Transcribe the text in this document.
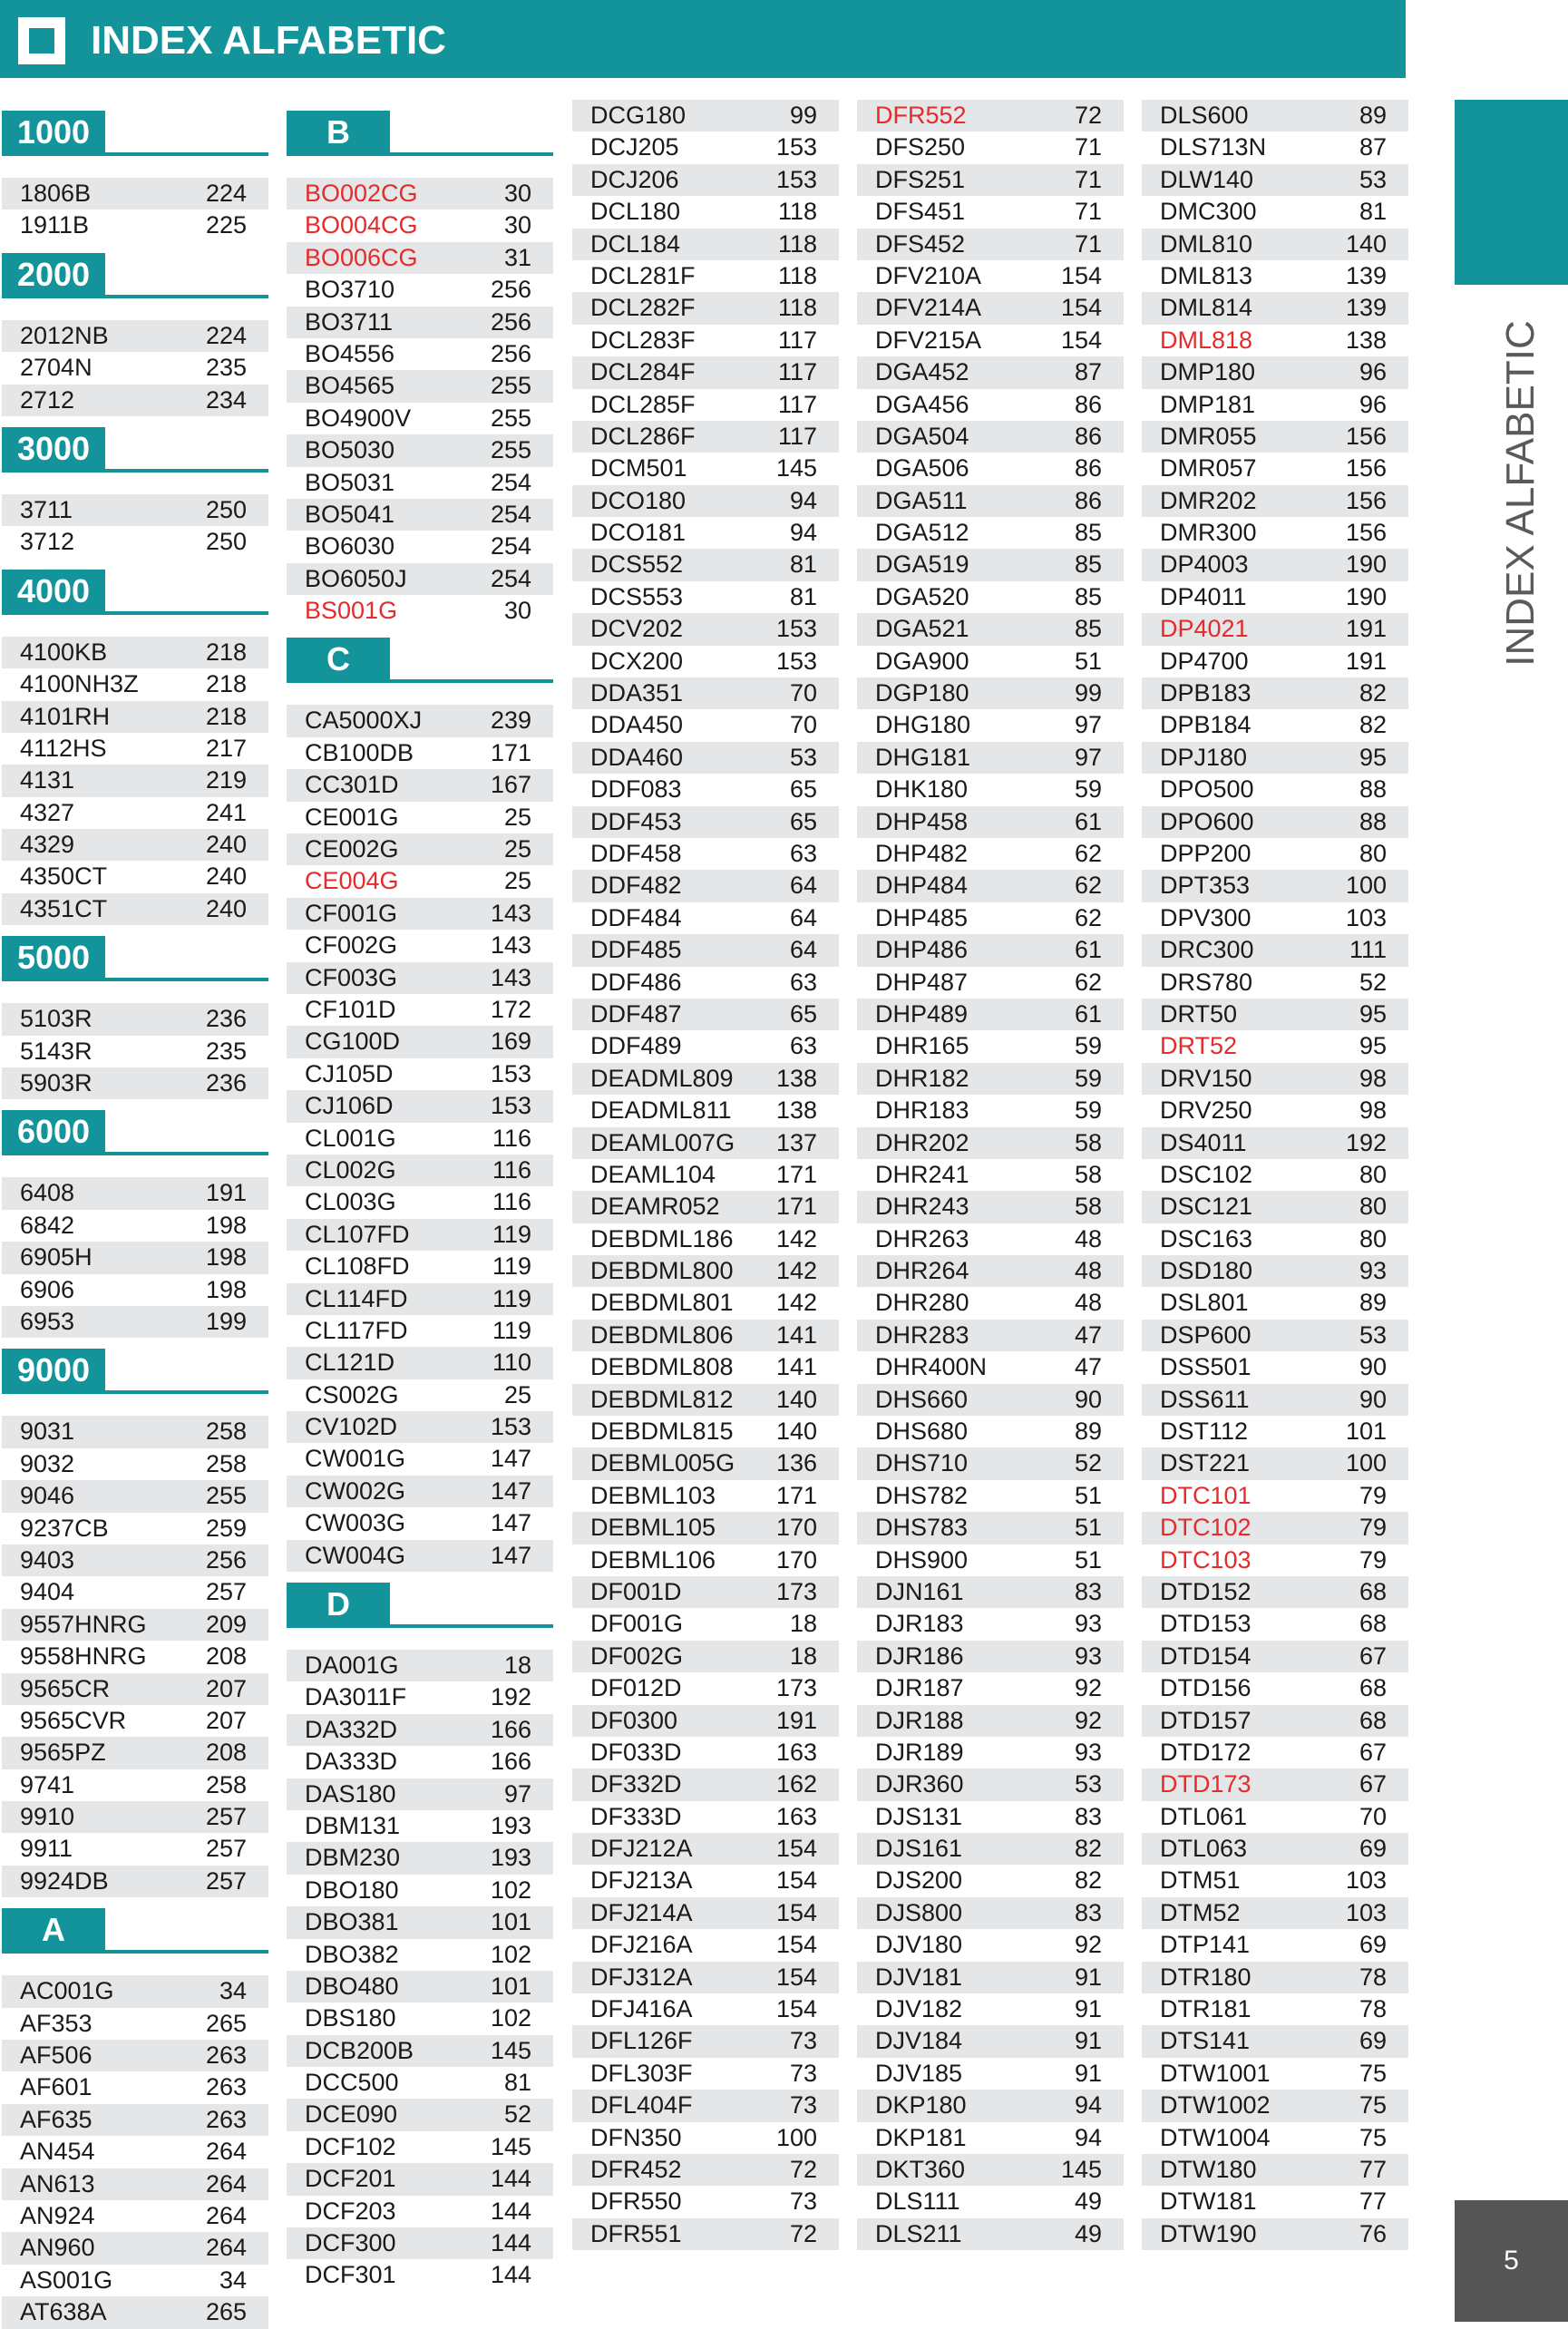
INDEX ALFABETIC
1000
1806B	224
1911B	225
2000
2012NB	224
2704N	235
2712	234
3000
3711	250
3712	250
4000
4100KB	218
4100NH3Z	218
4101RH	218
4112HS	217
4131	219
4327	241
4329	240
4350CT	240
4351CT	240
5000
5103R	236
5143R	235
5903R	236
6000
6408	191
6842	198
6905H	198
6906	198
6953	199
9000
9031	258
9032	258
9046	255
9237CB	259
9403	256
9404	257
9557HNRG 209
9558HNRG 208
9565CR	207
9565CVR	207
9565PZ	208
9741	258
9910	257
9911	257
9924DB	257
A
AC001G	34
AF353	265
AF506	263
AF601	263
AF635	263
AN454	264
AN613	264
AN924	264
AN960	264
AS001G	34
AT638A	265
B
BO002CG	30
BO004CG	30
BO006CG	31
BO3710	256
BO3711	256
BO4556	256
BO4565	255
BO4900V	255
BO5030	255
BO5031	254
BO5041	254
BO6030	254
BO6050J	254
BS001G	30
C
CA5000XJ	239
CB100DB	171
CC301D	167
CE001G	25
CE002G	25
CE004G	25
CF001G	143
CF002G	143
CF003G	143
CF101D	172
CG100D	169
CJ105D	153
CJ106D	153
CL001G	116
CL002G	116
CL003G	116
CL107FD	119
CL108FD	119
CL114FD	119
CL117FD	119
CL121D	110
CS002G	25
CV102D	153
CW001G	147
CW002G	147
CW003G	147
CW004G	147
D
DA001G	18
DA3011F	192
DA332D	166
DA333D	166
DAS180	97
DBM131	193
DBM230	193
DBO180	102
DBO381	101
DBO382	102
DBO480	101
DBS180	102
DCB200B	145
DCC500	81
DCE090	52
DCF102	145
DCF201	144
DCF203	144
DCF300	144
DCF301	144
DCG180	99
DCJ205	153
DCJ206	153
DCL180	118
DCL184	118
DCL281F	118
DCL282F	118
DCL283F	117
DCL284F	117
DCL285F	117
DCL286F	117
DCM501	145
DCO180	94
DCO181	94
DCS552	81
DCS553	81
DCV202	153
DCX200	153
DDA351	70
DDA450	70
DDA460	53
DDF083	65
DDF453	65
DDF458	63
DDF482	64
DDF484	64
DDF485	64
DDF486	63
DDF487	65
DDF489	63
DEADML809 138
DEADML811 138
DEAML007G 137
DEAML104 171
DEAMR052 171
DEBDML186 142
DEBDML800 142
DEBDML801 142
DEBDML806 141
DEBDML808 141
DEBDML812 140
DEBDML815 140
DEBML005G 136
DEBML103 171
DEBML105 170
DEBML106 170
DF001D	173
DF001G	18
DF002G	18
DF012D	173
DF0300	191
DF033D	163
DF332D	162
DF333D	163
DFJ212A	154
DFJ213A	154
DFJ214A	154
DFJ216A	154
DFJ312A	154
DFJ416A	154
DFL126F	73
DFL303F	73
DFL404F	73
DFN350	100
DFR452	72
DFR550	73
DFR551	72
DFR552	72
DFS250	71
DFS251	71
DFS451	71
DFS452	71
DFV210A	154
DFV214A	154
DFV215A	154
DGA452	87
DGA456	86
DGA504	86
DGA506	86
DGA511	86
DGA512	85
DGA519	85
DGA520	85
DGA521	85
DGA900	51
DGP180	99
DHG180	97
DHG181	97
DHK180	59
DHP458	61
DHP482	62
DHP484	62
DHP485	62
DHP486	61
DHP487	62
DHP489	61
DHR165	59
DHR182	59
DHR183	59
DHR202	58
DHR241	58
DHR243	58
DHR263	48
DHR264	48
DHR280	48
DHR283	47
DHR400N	47
DHS660	90
DHS680	89
DHS710	52
DHS782	51
DHS783	51
DHS900	51
DJN161	83
DJR183	93
DJR186	93
DJR187	92
DJR188	92
DJR189	93
DJR360	53
DJS131	83
DJS161	82
DJS200	82
DJS800	83
DJV180	92
DJV181	91
DJV182	91
DJV184	91
DJV185	91
DKP180	94
DKP181	94
DKT360	145
DLS111	49
DLS211	49
DLS600	89
DLS713N	87
DLW140	53
DMC300	81
DML810	140
DML813	139
DML814	139
DML818	138
DMP180	96
DMP181	96
DMR055	156
DMR057	156
DMR202	156
DMR300	156
DP4003	190
DP4011	190
DP4021	191
DP4700	191
DPB183	82
DPB184	82
DPJ180	95
DPO500	88
DPO600	88
DPP200	80
DPT353	100
DPV300	103
DRC300	111
DRS780	52
DRT50	95
DRT52	95
DRV150	98
DRV250	98
DS4011	192
DSC102	80
DSC121	80
DSC163	80
DSD180	93
DSL801	89
DSP600	53
DSS501	90
DSS611	90
DST112	101
DST221	100
DTC101	79
DTC102	79
DTC103	79
DTD152	68
DTD153	68
DTD154	67
DTD156	68
DTD157	68
DTD172	67
DTD173	67
DTL061	70
DTL063	69
DTM51	103
DTM52	103
DTP141	69
DTR180	78
DTR181	78
DTS141	69
DTW1001	75
DTW1002	75
DTW1004	75
DTW180	77
DTW181	77
DTW190	76
INDEX ALFABETIC
5
